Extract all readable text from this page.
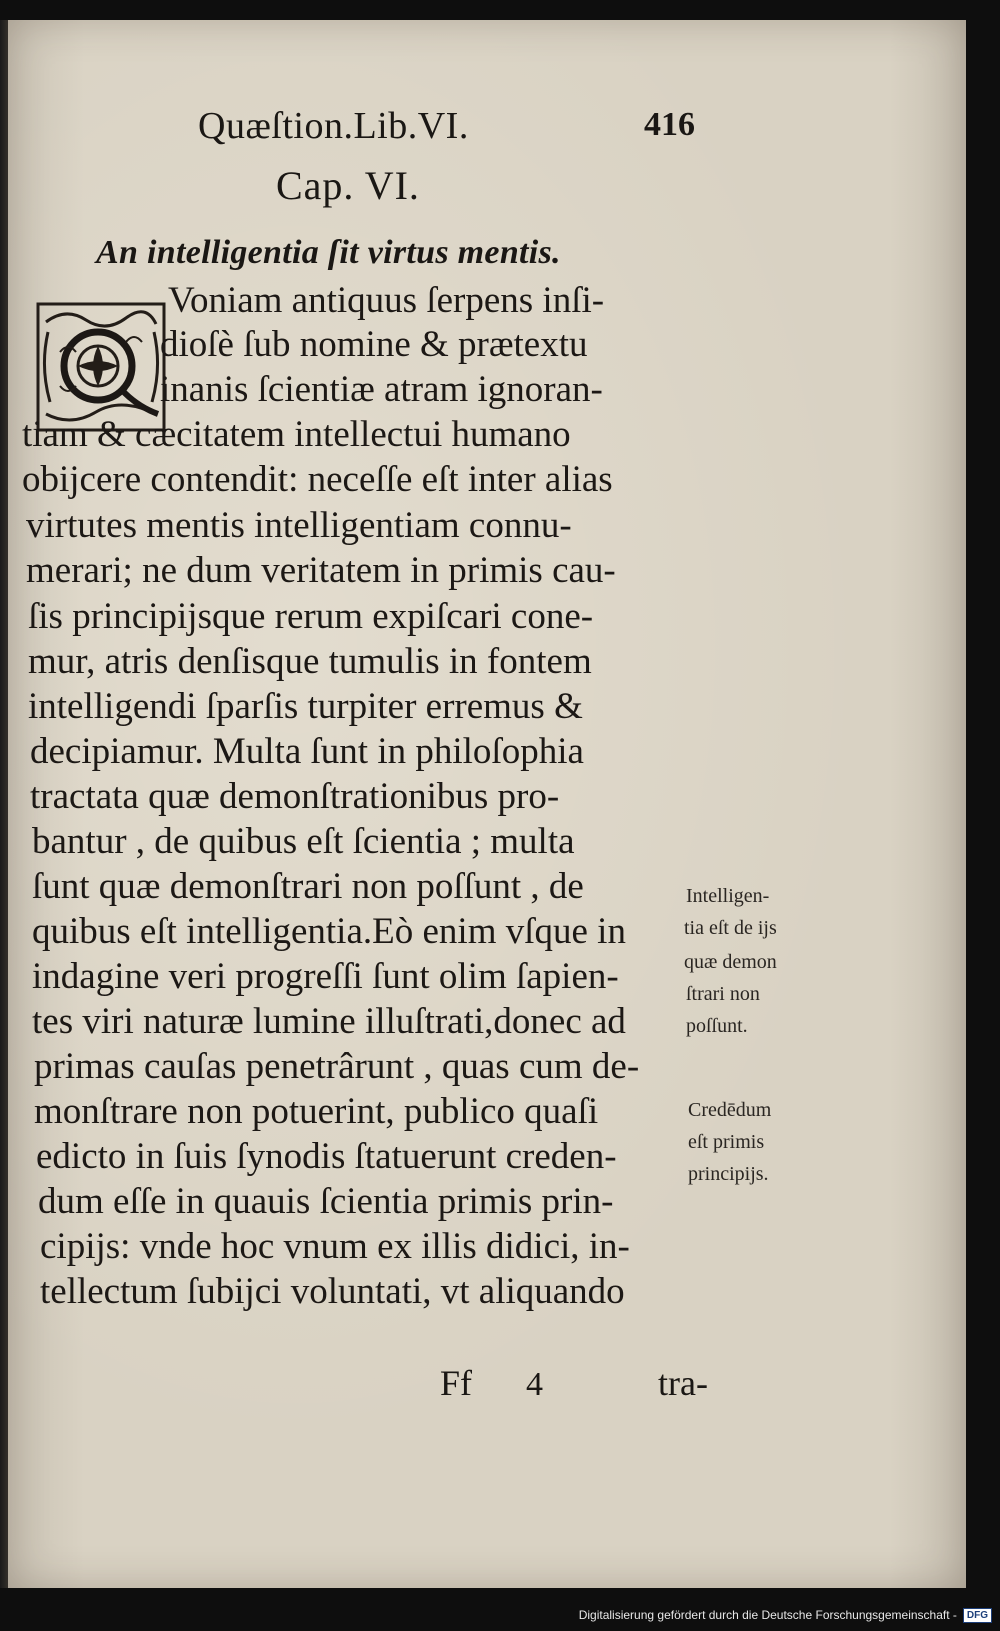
Quæſtion.Lib.VI.	416
Cap. VI.
An intelligentia ſit virtus mentis.
Voniam antiquus ſerpens inſi-
dioſè ſub nomine & prætextu
inanis ſcientiæ atram ignoran-
tiam & cæcitatem intellectui humano
obijcere contendit: neceſſe eſt inter alias
virtutes mentis intelligentiam connu-
merari; ne dum veritatem in primis cau-
ſis principijsque rerum expiſcari cone-
mur, atris denſisque tumulis in fontem
intelligendi ſparſis turpiter erremus &
decipiamur. Multa ſunt in philoſophia
tractata quæ demonſtrationibus pro-
bantur , de quibus eſt ſcientia ; multa
ſunt quæ demonſtrari non poſſunt , de
quibus eſt intelligentia.Eò enim vſque in
indagine veri progreſſi ſunt olim ſapien-
tes viri naturæ lumine illuſtrati,donec ad
primas cauſas penetrârunt , quas cum de-
monſtrare non potuerint, publico quaſi
edicto in ſuis ſynodis ſtatuerunt creden-
dum eſſe in quauis ſcientia primis prin-
cipijs: vnde hoc vnum ex illis didici, in-
tellectum ſubijci voluntati, vt aliquando
Intelligen-
tia eſt de ijs
quæ demon
ſtrari non
poſſunt.
Credēdum
eſt primis
principijs.
Ff 4	tra-
Digitalisierung gefördert durch die Deutsche Forschungsgemeinschaft -	DFG
